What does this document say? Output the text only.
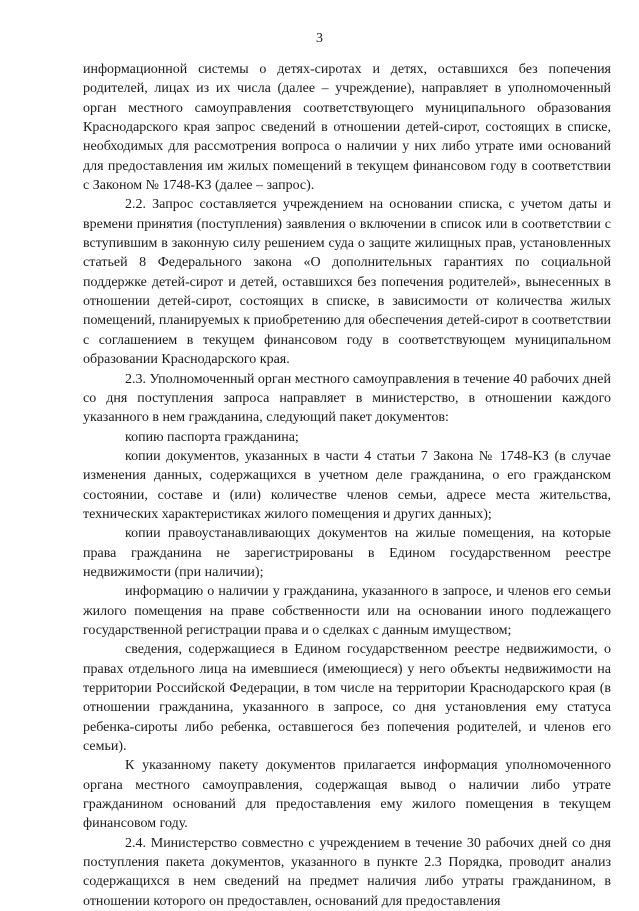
3

информационной системы о детях-сиротах и детях, оставшихся без попечения родителей, лицах из их числа (далее – учреждение), направляет в уполномоченный орган местного самоуправления соответствующего муниципального образования Краснодарского края запрос сведений в отношении детей-сирот, состоящих в списке, необходимых для рассмотрения вопроса о наличии у них либо утрате ими оснований для предоставления им жилых помещений в текущем финансовом году в соответствии с Законом № 1748-КЗ (далее – запрос).

2.2. Запрос составляется учреждением на основании списка, с учетом даты и времени принятия (поступления) заявления о включении в список или в соответствии с вступившим в законную силу решением суда о защите жилищных прав, установленных статьей 8 Федерального закона «О дополнительных гарантиях по социальной поддержке детей-сирот и детей, оставшихся без попечения родителей», вынесенных в отношении детей-сирот, состоящих в списке, в зависимости от количества жилых помещений, планируемых к приобретению для обеспечения детей-сирот в соответствии с соглашением в текущем финансовом году в соответствующем муниципальном образовании Краснодарского края.

2.3. Уполномоченный орган местного самоуправления в течение 40 рабочих дней со дня поступления запроса направляет в министерство, в отношении каждого указанного в нем гражданина, следующий пакет документов:

копию паспорта гражданина;

копии документов, указанных в части 4 статьи 7 Закона № 1748-КЗ (в случае изменения данных, содержащихся в учетном деле гражданина, о его гражданском состоянии, составе и (или) количестве членов семьи, адресе места жительства, технических характеристиках жилого помещения и других данных);

копии правоустанавливающих документов на жилые помещения, на которые права гражданина не зарегистрированы в Едином государственном реестре недвижимости (при наличии);

информацию о наличии у гражданина, указанного в запросе, и членов его семьи жилого помещения на праве собственности или на основании иного подлежащего государственной регистрации права и о сделках с данным имуществом;

сведения, содержащиеся в Едином государственном реестре недвижимости, о правах отдельного лица на имевшиеся (имеющиеся) у него объекты недвижимости на территории Российской Федерации, в том числе на территории Краснодарского края (в отношении гражданина, указанного в запросе, со дня установления ему статуса ребенка-сироты либо ребенка, оставшегося без попечения родителей, и членов его семьи).

К указанному пакету документов прилагается информация уполномоченного органа местного самоуправления, содержащая вывод о наличии либо утрате гражданином оснований для предоставления ему жилого помещения в текущем финансовом году.

2.4. Министерство совместно с учреждением в течение 30 рабочих дней со дня поступления пакета документов, указанного в пункте 2.3 Порядка, проводит анализ содержащихся в нем сведений на предмет наличия либо утраты гражданином, в отношении которого он предоставлен, оснований для предоставления
